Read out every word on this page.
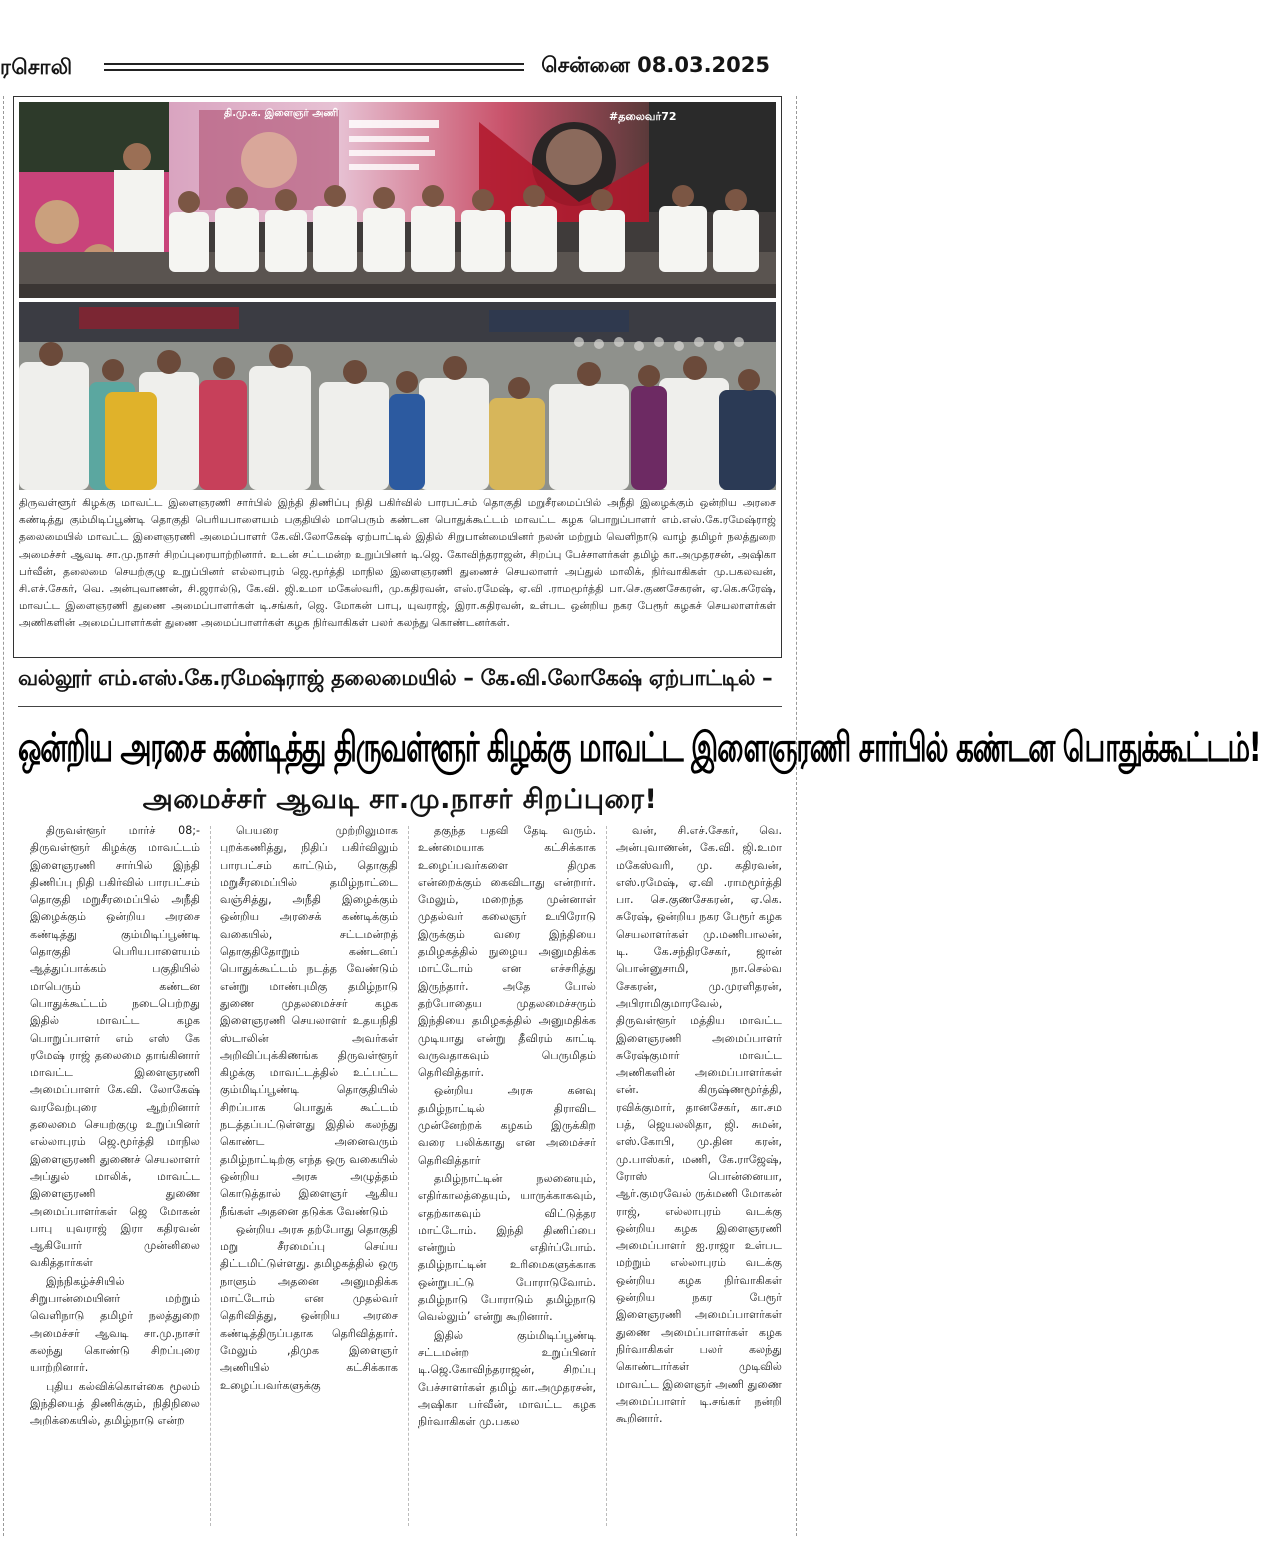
ரசொலி	சென்னை 08.03.2025
தி.மு.க. இளைஞர் அணி	#தலைவர்72
திருவள்ளூர் கிழக்கு மாவட்ட இளைஞரணி சார்பில் இந்தி திணிப்பு நிதி பகிர்வில் பாரபட்சம் தொகுதி மறுசீரமைப்பில் அநீதி இழைக்கும் ஒன்றிய அரசை கண்டித்து கும்மிடிப்பூண்டி தொகுதி பெரியபாளையம் பகுதியில் மாபெரும் கண்டன பொதுக்கூட்டம் மாவட்ட கழக பொறுப்பாளர் எம்.எஸ்.கே.ரமேஷ்ராஜ் தலைமையில் மாவட்ட இளைஞரணி அமைப்பாளர் கே.வி.லோகேஷ் ஏற்பாட்டில் இதில் சிறுபான்மையினர் நலன் மற்றும் வெளிநாடு வாழ் தமிழர் நலத்துறை அமைச்சர் ஆவடி சா.மு.நாசர் சிறப்புரையாற்றினார். உடன் சட்டமன்ற உறுப்பினர் டி.ஜெ. கோவிந்தராஜன், சிறப்பு பேச்சாளர்கள் தமிழ் கா.அமுதரசன், அஷிகா பர்வீன், தலைமை செயற்குழு உறுப்பினர் எல்லாபுரம் ஜெ.மூர்த்தி மாநில இளைஞரணி துணைச் செயலாளர் அப்துல் மாலிக், நிர்வாகிகள் மு.பகலவன், சி.எச்.சேகர், வெ. அன்புவாணன், சி.ஜரால்டு, கே.வி. ஜி.உமா மகேஸ்வரி, மு.கதிரவன், எஸ்.ரமேஷ், ஏ.வி .ராமமூர்த்தி பா.செ.குணசேகரன், ஏ.கெ.சுரேஷ், மாவட்ட இளைஞரணி துணை அமைப்பாளர்கள் டி.சங்கர், ஜெ. மோகன் பாபு, யுவராஜ், இரா.கதிரவன், உள்பட ஒன்றிய நகர பேரூர் கழகச் செயலாளர்கள் அணிகளின் அமைப்பாளர்கள் துணை அமைப்பாளர்கள் கழக நிர்வாகிகள் பலர் கலந்து கொண்டனர்கள்.
வல்லூர் எம்.எஸ்.கே.ரமேஷ்ராஜ் தலைமையில் – கே.வி.லோகேஷ் ஏற்பாட்டில் –
ஒன்றிய அரசை கண்டித்து திருவள்ளூர் கிழக்கு மாவட்ட இளைஞரணி சார்பில் கண்டன பொதுக்கூட்டம்!
அமைச்சர் ஆவடி சா.மு.நாசர் சிறப்புரை!

திருவள்ளூர் மார்ச் 08;- திருவள்ளூர் கிழக்கு மாவட்டம் இளைஞரணி சார்பில் இந்தி திணிப்பு நிதி பகிர்வில் பாரபட்சம் தொகுதி மறுசீரமைப்பில் அநீதி இழைக்கும் ஒன்றிய அரசை கண்டித்து கும்மிடிப்பூண்டி தொகுதி பெரியபாளையம் ஆத்துப்பாக்கம் பகுதியில் மாபெரும் கண்டன பொதுக்கூட்டம் நடைபெற்றது இதில் மாவட்ட கழக பொறுப்பாளர் எம் எஸ் கே ரமேஷ் ராஜ் தலைமை தாங்கினார் மாவட்ட இளைஞரணி அமைப்பாளர் கே.வி. லோகேஷ் வரவேற்புரை ஆற்றினார் தலைமை செயற்குழு உறுப்பினர் எல்லாபுரம் ஜெ.மூர்த்தி மாநில இளைஞரணி துணைச் செயலாளர் அப்துல் மாலிக், மாவட்ட இளைஞரணி துணை அமைப்பாளர்கள் ஜெ மோகன் பாபு யுவராஜ் இரா கதிரவன் ஆகியோர் முன்னிலை வகித்தார்கள்

இந்நிகழ்ச்சியில் சிறுபான்மையினர் மற்றும் வெளிநாடு தமிழர் நலத்துறை அமைச்சர் ஆவடி சா.மு.நாசர் கலந்து கொண்டு சிறப்புரை யாற்றினார்.

புதிய கல்விக்கொள்கை மூலம் இந்தியைத் திணிக்கும், நிதிநிலை அறிக்கையில், தமிழ்நாடு என்ற

பெயரை முற்றிலுமாக புறக்கணித்து, நிதிப் பகிர்விலும் பாரபட்சம் காட்டும், தொகுதி மறுசீரமைப்பில் தமிழ்நாட்டை வஞ்சித்து, அநீதி இழைக்கும் ஒன்றிய அரசைக் கண்டிக்கும் வகையில், சட்டமன்றத் தொகுதிதோறும் கண்டனப் பொதுக்கூட்டம் நடத்த வேண்டும் என்று மாண்புமிகு தமிழ்நாடு துணை முதலமைச்சர் கழக இளைஞரணி செயலாளர் உதயநிதி ஸ்டாலின் அவர்கள் அறிவிப்புக்கிணங்க திருவள்ளூர் கிழக்கு மாவட்டத்தில் உட்பட்ட கும்மிடிப்பூண்டி தொகுதியில் சிறப்பாக பொதுக் கூட்டம் நடத்தப்பட்டுள்ளது இதில் கலந்து கொண்ட அனைவரும் தமிழ்நாட்டிற்கு எந்த ஒரு வகையில் ஒன்றிய அரசு அழுத்தம் கொடுத்தால் இளைஞர் ஆகிய நீங்கள் அதனை தடுக்க வேண்டும்

ஒன்றிய அரசு தற்போது தொகுதி மறு சீரமைப்பு செய்ய திட்டமிட்டுள்ளது. தமிழகத்தில் ஒரு நாளும் அதனை அனுமதிக்க மாட்டோம் என முதல்வர் தெரிவித்து, ஒன்றிய அரசை கண்டித்திருப்பதாக தெரிவித்தார். மேலும் ,திமுக இளைஞர் அணியில் கட்சிக்காக உழைப்பவர்களுக்கு

தகுந்த பதவி தேடி வரும். உண்மையாக கட்சிக்காக உழைப்பவர்களை திமுக என்றைக்கும் கைவிடாது என்றார். மேலும், மறைந்த முன்னாள் முதல்வர் கலைஞர் உயிரோடு இருக்கும் வரை இந்தியை தமிழகத்தில் நுழைய அனுமதிக்க மாட்டோம் என எச்சரித்து இருந்தார். அதே போல் தற்போதைய முதலமைச்சரும் இந்தியை தமிழகத்தில் அனுமதிக்க முடியாது என்று தீவிரம் காட்டி வருவதாகவும் பெருமிதம் தெரிவித்தார்.

ஒன்றிய அரசு கனவு தமிழ்நாட்டில் திராவிட முன்னேற்றக் கழகம் இருக்கிற வரை பலிக்காது என அமைச்சர் தெரிவித்தார்

தமிழ்நாட்டின் நலனையும், எதிர்காலத்தையும், யாருக்காகவும், எதற்காகவும் விட்டுத்தர மாட்டோம். இந்தி திணிப்பை என்றும் எதிர்ப்போம். தமிழ்நாட்டின் உரிமைகளுக்காக ஒன்றுபட்டு போராடுவோம். தமிழ்நாடு போராடும் தமிழ்நாடு வெல்லும்’ என்று கூறினார்.

இதில் கும்மிடிப்பூண்டி சட்டமன்ற உறுப்பினர் டி.ஜெ.கோவிந்தராஜன், சிறப்பு பேச்சாளர்கள் தமிழ் கா.அமுதரசன், அஷிகா பர்வீன், மாவட்ட கழக நிர்வாகிகள் மு.பகல

வன், சி.எச்.சேகர், வெ. அன்புவாணன், கே.வி. ஜி.உமா மகேஸ்வரி, மு. கதிரவன், எஸ்.ரமேஷ், ஏ.வி .ராமமூர்த்தி பா. செ.குணசேகரன், ஏ.கெ. சுரேஷ், ஒன்றிய நகர பேரூர் கழக செயலாளர்கள் மு.மணிபாலன், டி. கே.சந்திரசேகர், ஜான் பொன்னுசாமி, நா.செல்வ சேகரன், மு.முரளிதரன், அபிராமிகுமாரவேல், திருவள்ளூர் மத்திய மாவட்ட இளைஞரணி அமைப்பாளர் சுரேஷ்குமார் மாவட்ட அணிகளின் அமைப்பாளர்கள் என். கிருஷ்ணமூர்த்தி, ரவிக்குமார், தானசேகர், கா.சம பத், ஜெயலலிதா, ஜி. சுமன், எஸ்.கோபி, மு.தின கரன், மு.பாஸ்கர், மணி, கே.ராஜேஷ், ரோஸ் பொன்னையா, ஆர்.குமரவேல் ருக்மணி மோகன் ராஜ், எல்லாபுரம் வடக்கு ஒன்றிய கழக இளைஞரணி அமைப்பாளர் ஐ.ராஜா உள்பட மற்றும் எல்லாபுரம் வடக்கு ஒன்றிய கழக நிர்வாகிகள் ஒன்றிய நகர பேரூர் இளைஞரணி அமைப்பாளர்கள் துணை அமைப்பாளர்கள் கழக நிர்வாகிகள் பலர் கலந்து கொண்டார்கள் முடிவில் மாவட்ட இளைஞர் அணி துணை அமைப்பாளர் டி.சங்கர் நன்றி கூறினார்.
